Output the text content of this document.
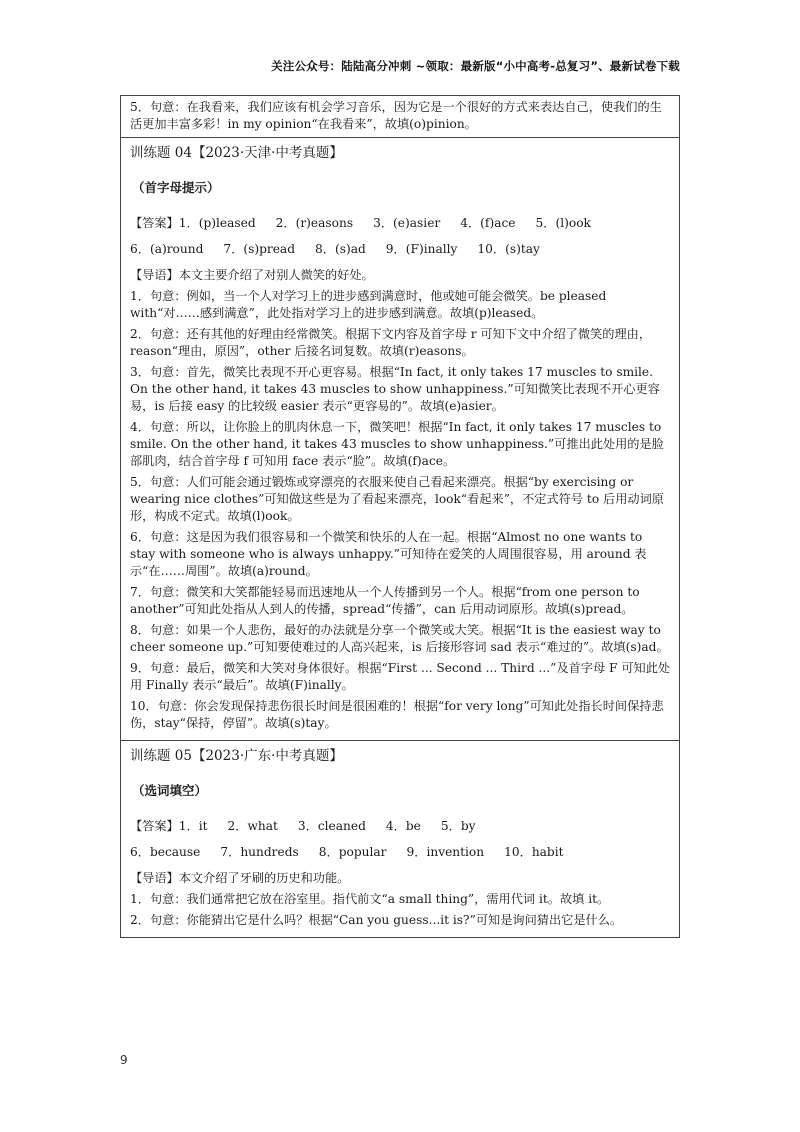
关注公众号：陆陆高分冲刺 ~领取：最新版“小中高考-总复习”、最新试卷下载

5．句意：在我看来，我们应该有机会学习音乐，因为它是一个很好的方式来表达自己，使我们的生活更加丰富多彩！in my opinion“在我看来”，故填(o)pinion。

训练题 04【2023·天津·中考真题】

（首字母提示）

【答案】 1．(p)leased 2．(r)easons 3．(e)asier 4．(f)ace 5．(l)ook
6．(a)round 7．(s)pread 8．(s)ad 9．(F)inally 10．(s)tay

【导语】本文主要介绍了对别人微笑的好处。

1．句意：例如，当一个人对学习上的进步感到满意时，他或她可能会微笑。be pleased with“对……感到满意”，此处指对学习上的进步感到满意。故填(p)leased。

2．句意：还有其他的好理由经常微笑。根据下文内容及首字母 r 可知下文中介绍了微笑的理由，reason“理由，原因”，other 后接名词复数。故填(r)easons。

3．句意：首先，微笑比表现不开心更容易。根据“In fact, it only takes 17 muscles to smile. On the other hand, it takes 43 muscles to show unhappiness.”可知微笑比表现不开心更容易，is 后接 easy 的比较级 easier 表示“更容易的”。故填(e)asier。

4．句意：所以，让你脸上的肌肉休息一下，微笑吧！根据“In fact, it only takes 17 muscles to smile. On the other hand, it takes 43 muscles to show unhappiness.”可推出此处用的是脸部肌肉，结合首字母 f 可知用 face 表示“脸”。故填(f)ace。

5．句意：人们可能会通过锻炼或穿漂亮的衣服来使自己看起来漂亮。根据“by exercising or wearing nice clothes”可知做这些是为了看起来漂亮，look“看起来”，不定式符号 to 后用动词原形，构成不定式。故填(l)ook。

6．句意：这是因为我们很容易和一个微笑和快乐的人在一起。根据“Almost no one wants to stay with someone who is always unhappy.”可知待在爱笑的人周围很容易，用 around 表示“在……周围”。故填(a)round。

7．句意：微笑和大笑都能轻易而迅速地从一个人传播到另一个人。根据“from one person to another”可知此处指从人到人的传播，spread“传播”，can 后用动词原形。故填(s)pread。

8．句意：如果一个人悲伤，最好的办法就是分享一个微笑或大笑。根据“It is the easiest way to cheer someone up.”可知要使难过的人高兴起来，is 后接形容词 sad 表示“难过的”。故填(s)ad。

9．句意：最后，微笑和大笑对身体很好。根据“First ... Second ... Third ...”及首字母 F 可知此处用 Finally 表示“最后”。故填(F)inally。

10．句意：你会发现保持悲伤很长时间是很困难的！根据“for very long”可知此处指长时间保持悲伤，stay“保持，停留”。故填(s)tay。

训练题 05【2023·广东·中考真题】

（选词填空）

【答案】 1．it 2．what 3．cleaned 4．be 5．by
6．because 7．hundreds 8．popular 9．invention 10．habit

【导语】本文介绍了牙刷的历史和功能。

1．句意：我们通常把它放在浴室里。指代前文“a small thing”，需用代词 it。故填 it。

2．句意：你能猜出它是什么吗？根据“Can you guess...it is?”可知是询问猜出它是什么。

9
